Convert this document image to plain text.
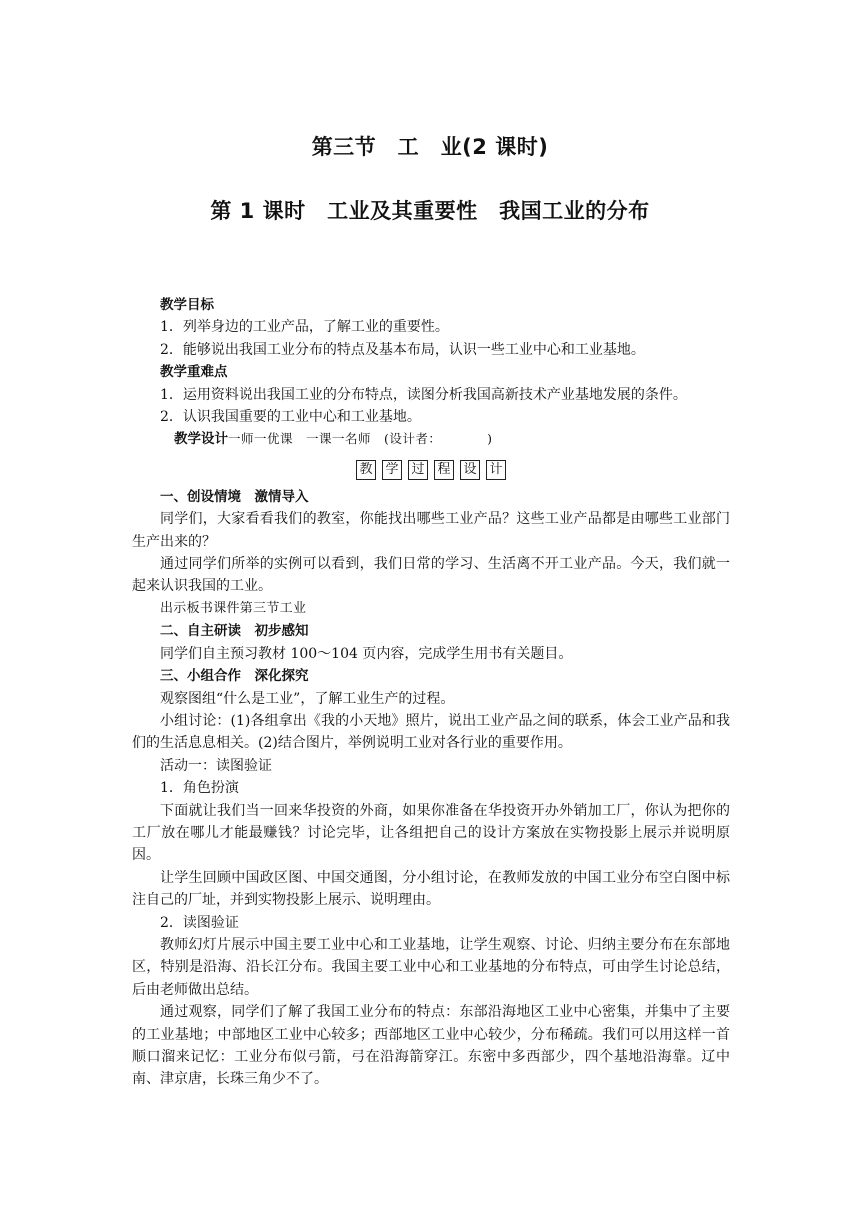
第三节　工　业(2 课时)
第 1 课时　工业及其重要性　我国工业的分布

教学目标

1．列举身边的工业产品，了解工业的重要性。

2．能够说出我国工业分布的特点及基本布局，认识一些工业中心和工业基地。

教学重难点

1．运用资料说出我国工业的分布特点，读图分析我国高新技术产业基地发展的条件。

2．认识我国重要的工业中心和工业基地。

教学设计一师一优课　一课一名师　(设计者：　　　　)

教 学 过 程 设 计

一、创设情境　激情导入

同学们，大家看看我们的教室，你能找出哪些工业产品？这些工业产品都是由哪些工业部门生产出来的？

通过同学们所举的实例可以看到，我们日常的学习、生活离不开工业产品。今天，我们就一起来认识我国的工业。

出示板书课件第三节工业

二、自主研读　初步感知

同学们自主预习教材 100～104 页内容，完成学生用书有关题目。

三、小组合作　深化探究

观察图组“什么是工业”，了解工业生产的过程。

小组讨论：(1)各组拿出《我的小天地》照片，说出工业产品之间的联系，体会工业产品和我们的生活息息相关。(2)结合图片，举例说明工业对各行业的重要作用。

活动一：读图验证

1．角色扮演

下面就让我们当一回来华投资的外商，如果你准备在华投资开办外销加工厂，你认为把你的工厂放在哪儿才能最赚钱？讨论完毕，让各组把自己的设计方案放在实物投影上展示并说明原因。

让学生回顾中国政区图、中国交通图，分小组讨论，在教师发放的中国工业分布空白图中标注自己的厂址，并到实物投影上展示、说明理由。

2．读图验证

教师幻灯片展示中国主要工业中心和工业基地，让学生观察、讨论、归纳主要分布在东部地区，特别是沿海、沿长江分布。我国主要工业中心和工业基地的分布特点，可由学生讨论总结，后由老师做出总结。

通过观察，同学们了解了我国工业分布的特点：东部沿海地区工业中心密集，并集中了主要的工业基地；中部地区工业中心较多；西部地区工业中心较少，分布稀疏。我们可以用这样一首顺口溜来记忆：工业分布似弓箭，弓在沿海箭穿江。东密中多西部少，四个基地沿海靠。辽中南、津京唐，长珠三角少不了。
